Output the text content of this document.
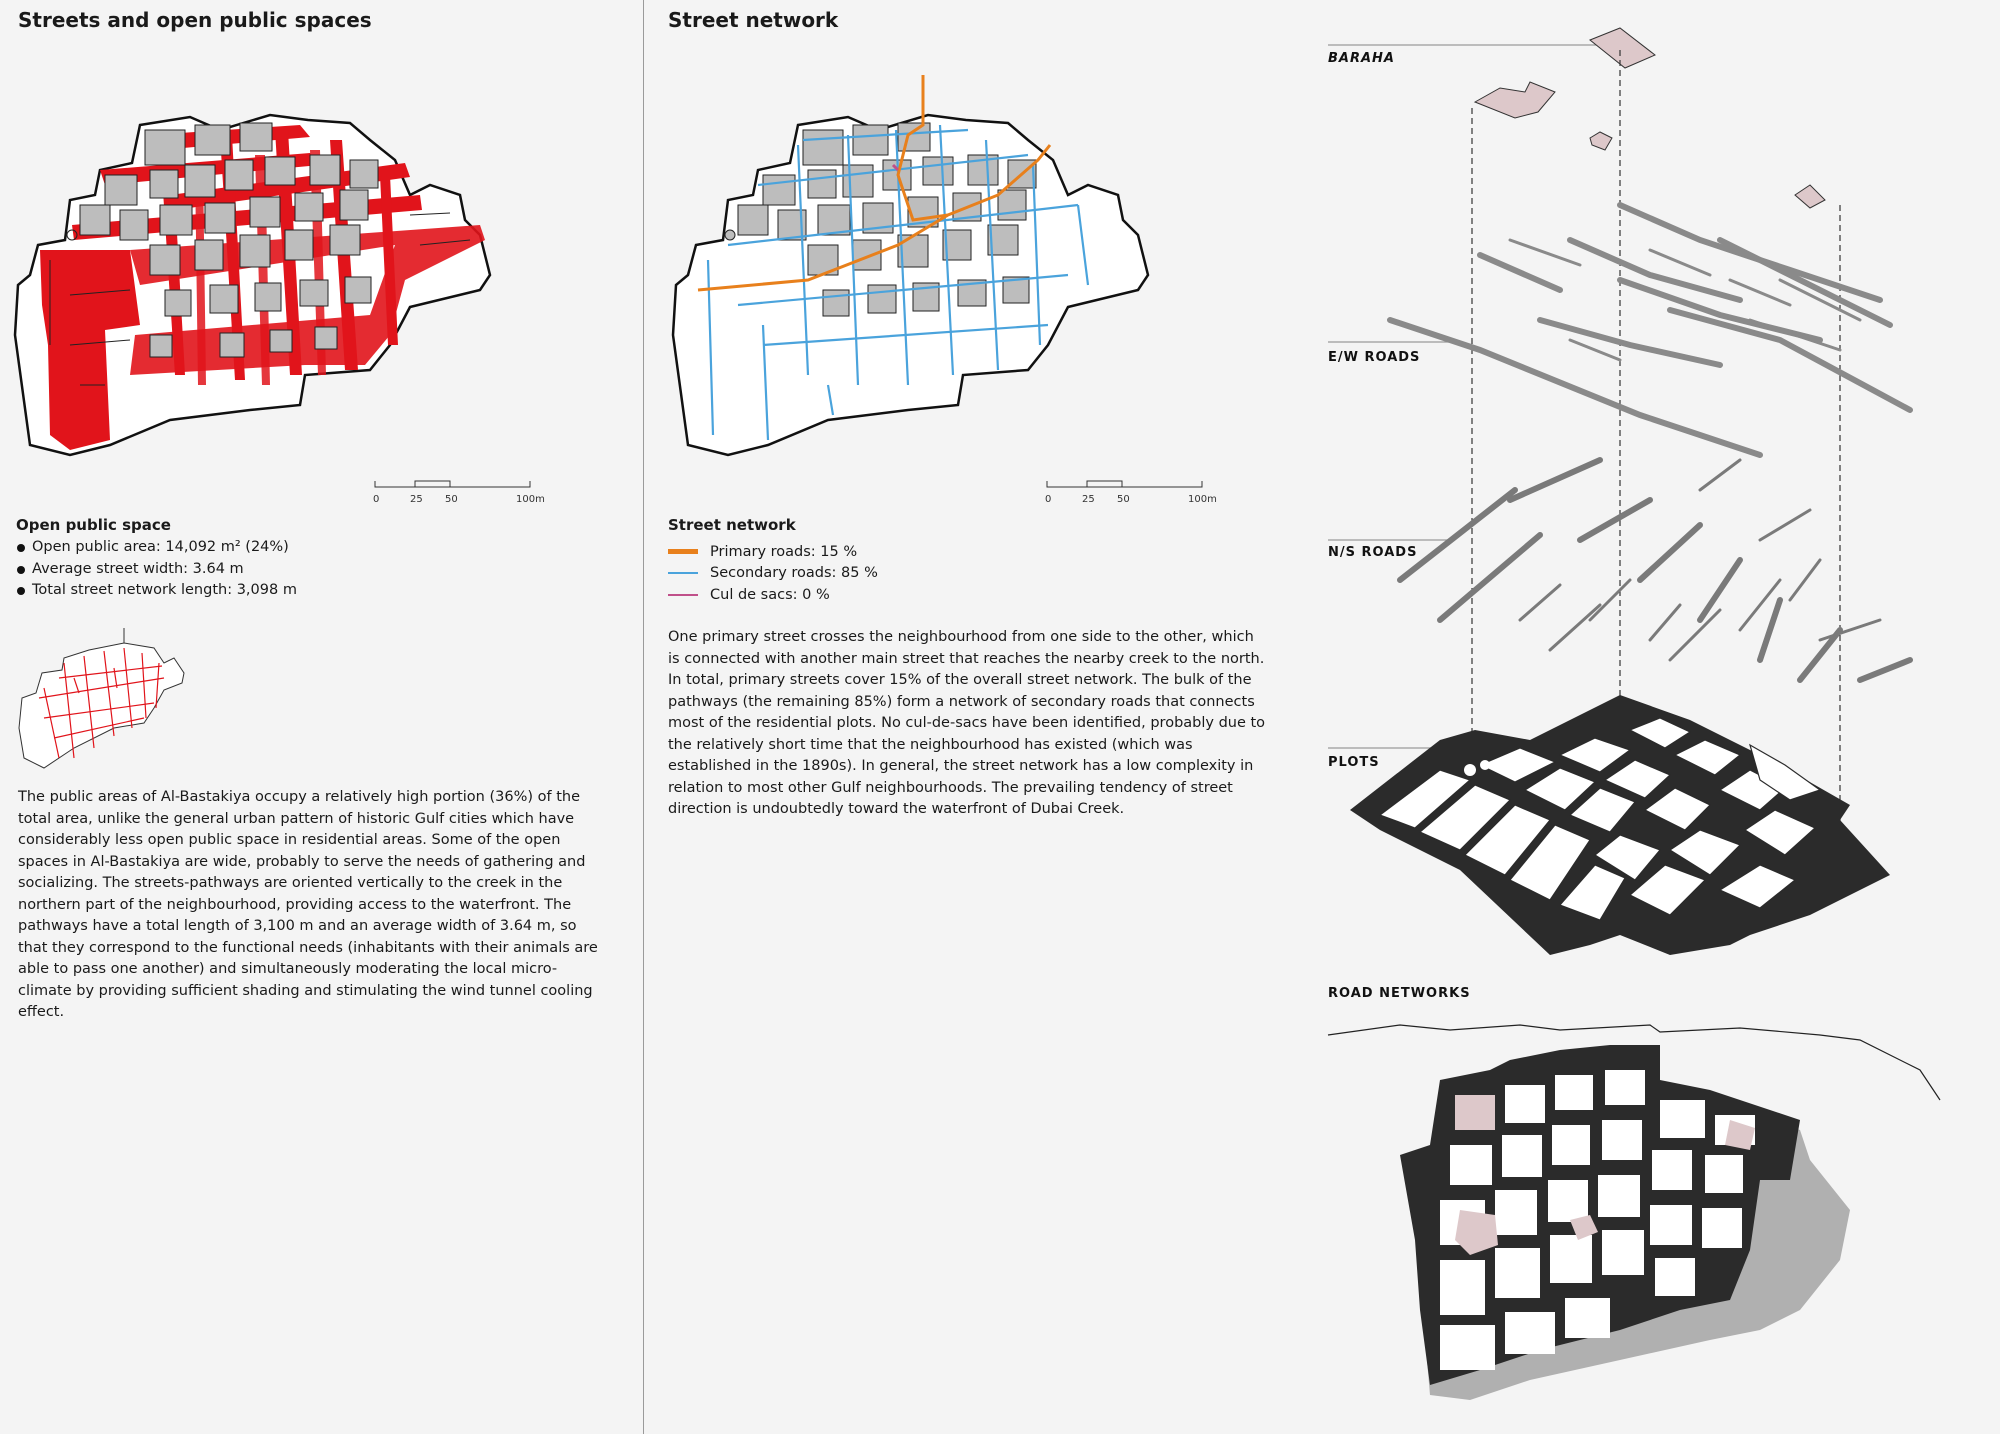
Streets and open public spaces
0	25 50	100m
Open public space
Open public area: 14,092 m² (24%)
Average street width: 3.64 m
Total street network length: 3,098 m

The public areas of Al-Bastakiya occupy a relatively high portion (36%) of the total area, unlike the general urban pattern of historic Gulf cities which have considerably less open public space in residential areas. Some of the open spaces in Al-Bastakiya are wide, probably to serve the needs of gathering and socializing. The streets-pathways are oriented vertically to the creek in the northern part of the neighbourhood, providing access to the waterfront. The pathways have a total length of 3,100 m and an average width of 3.64 m, so that they correspond to the functional needs (inhabitants with their animals are able to pass one another) and simultaneously moderating the local micro-climate by providing sufficient shading and stimulating the wind tunnel cooling effect.

Street network
0	25 50	100m
Street network
Primary roads: 15 %
Secondary roads: 85 %
Cul de sacs: 0 %

One primary street crosses the neighbourhood from one side to the other, which is connected with another main street that reaches the nearby creek to the north. In total, primary streets cover 15% of the overall street network. The bulk of the pathways (the remaining 85%) form a network of secondary roads that connects most of the residential plots. No cul-de-sacs have been identified, probably due to the relatively short time that the neighbourhood has existed (which was established in the 1890s). In general, the street network has a low complexity in relation to most other Gulf neighbourhoods. The prevailing tendency of street direction is undoubtedly toward the waterfront of Dubai Creek.

BARAHA
E/W ROADS
N/S ROADS
PLOTS
ROAD NETWORKS
